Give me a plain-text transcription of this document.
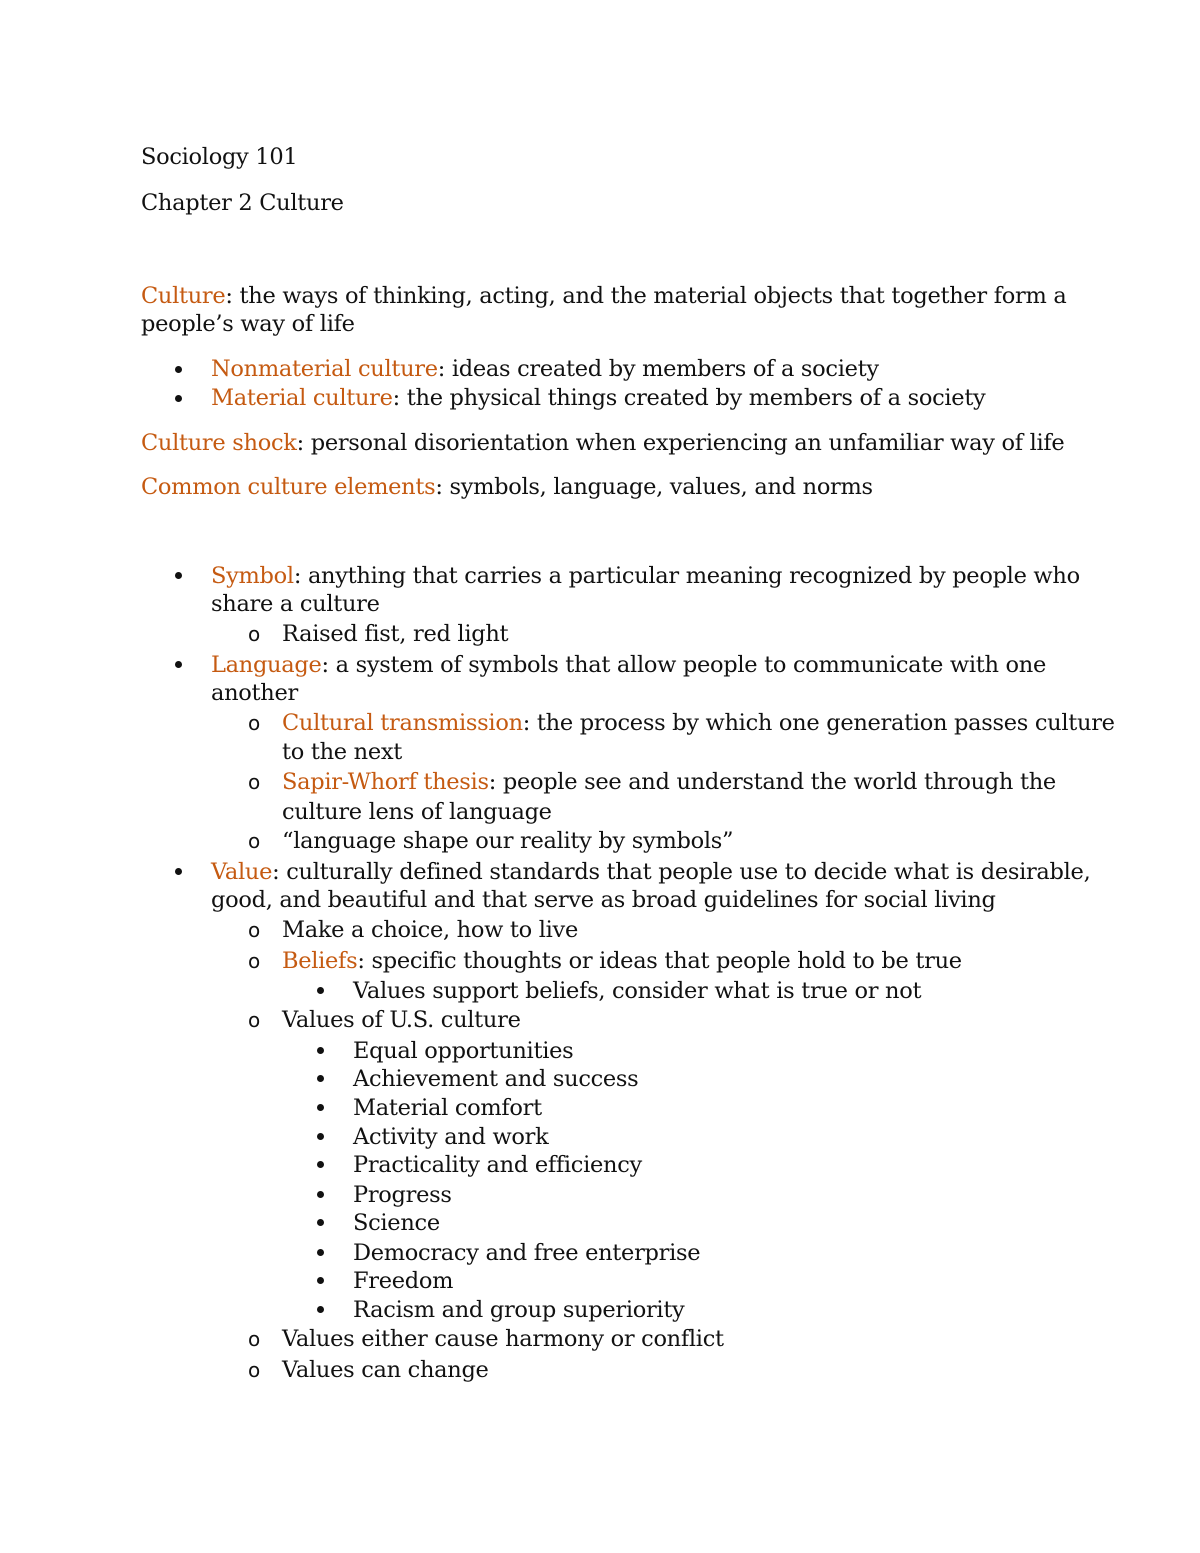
Sociology 101
Chapter 2 Culture
Culture: the ways of thinking, acting, and the material objects that together form a
people’s way of life
Nonmaterial culture: ideas created by members of a society
Material culture: the physical things created by members of a society
Culture shock: personal disorientation when experiencing an unfamiliar way of life
Common culture elements: symbols, language, values, and norms
Symbol: anything that carries a particular meaning recognized by people who
share a culture
o Raised fist, red light
Language: a system of symbols that allow people to communicate with one
another
o Cultural transmission: the process by which one generation passes culture
to the next
o Sapir-Whorf thesis: people see and understand the world through the
culture lens of language
o “language shape our reality by symbols”
Value: culturally defined standards that people use to decide what is desirable,
good, and beautiful and that serve as broad guidelines for social living
o Make a choice, how to live
o Beliefs: specific thoughts or ideas that people hold to be true
Values support beliefs, consider what is true or not
o Values of U.S. culture
Equal opportunities
Achievement and success
Material comfort
Activity and work
Practicality and efficiency
Progress
Science
Democracy and free enterprise
Freedom
Racism and group superiority
o Values either cause harmony or conflict
o Values can change
